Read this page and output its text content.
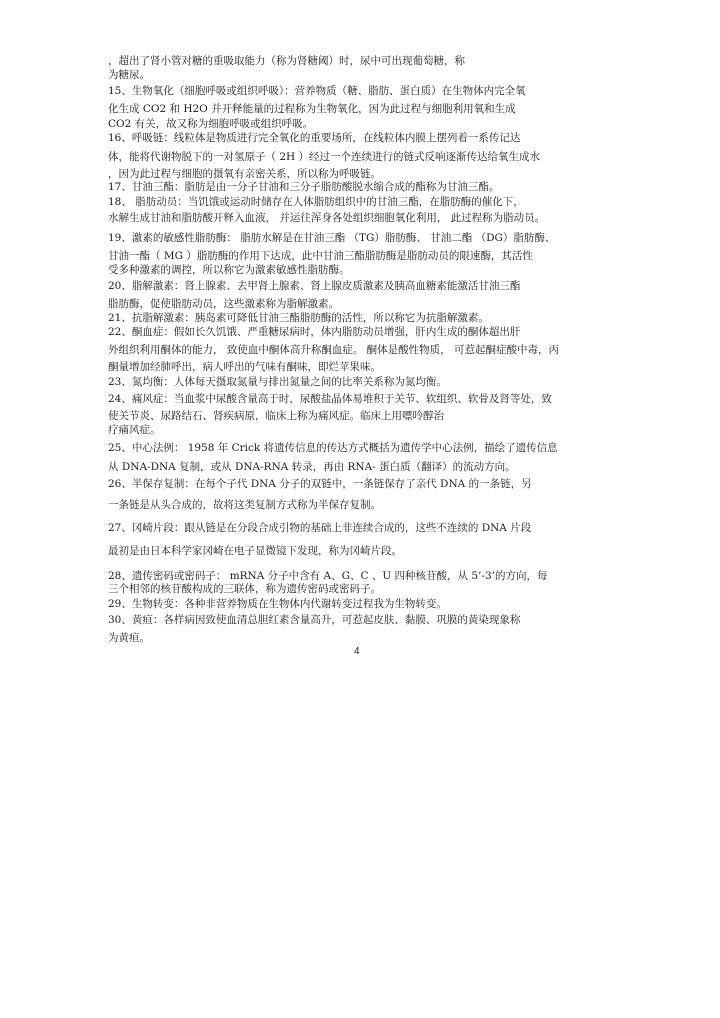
，超出了肾小管对糖的重吸取能力（称为肾糖阈）时，尿中可出现葡萄糖，称
为糖尿。
15、生物氧化（细胞呼吸或组织呼吸）：营养物质（糖、脂肪、蛋白质）在生物体内完全氧
化生成 CO2 和 H2O 并开释能量的过程称为生物氧化，因为此过程与细胞利用氧和生成
CO2 有关，故又称为细胞呼吸或组织呼吸。
16、呼吸链：线粒体是物质进行完全氧化的重要场所，在线粒体内膜上摆列着一系传记达
体，能将代谢物脱下的一对氢原子（ 2H ）经过一个连续进行的链式反响逐渐传达给氧生成水
，因为此过程与细胞的摄氧有亲密关系，所以称为呼吸链。
17、甘油三酯：脂肪是由一分子甘油和三分子脂肪酸脱水缩合成的酯称为甘油三酯。
18、 脂肪动员：当饥饿或运动时储存在人体脂肪组织中的甘油三酯，在脂肪酶的催化下，
水解生成甘油和脂肪酸开释入血液， 并运往浑身各处组织细胞氧化利用， 此过程称为脂动员。
19、激素的敏感性脂肪酶： 脂肪水解是在甘油三酯 （TG）脂肪酶、 甘油二酯 （DG）脂肪酶、
甘油一酯（ MG ）脂肪酶的作用下达成，此中甘油三酯脂肪酶是脂肪动员的限速酶，其活性
受多种激素的调控，所以称它为激素敏感性脂肪酶。
20、脂解激素：肾上腺素、去甲肾上腺素、肾上腺皮质激素及胰高血糖素能激活甘油三酯
脂肪酶，促使脂肪动员，这些激素称为脂解激素。
21、抗脂解激素：胰岛素可降低甘油三酯脂肪酶的活性，所以称它为抗脂解激素。
22、酮血症：假如长久饥饿、严重糖尿病时，体内脂肪动员增强，肝内生成的酮体超出肝
外组织利用酮体的能力， 致使血中酮体高升称酮血症。 酮体是酸性物质， 可惹起酮症酸中毒，丙
酮量增加经肺呼出，病人呼出的气味有酮味，即烂苹果味。
23、氮均衡：人体每天摄取氮量与排出氮量之间的比率关系称为氮均衡。
24、痛风症：当血浆中尿酸含量高于时，尿酸盐晶体易堆积于关节、软组织、软骨及肾等处，致
使关节炎、尿路结石、肾疾病原，临床上称为痛风症。临床上用嘌呤醇治
疗痛风症。
25、中心法例： 1958 年 Crick 将遗传信息的传达方式概括为遗传学中心法例，描绘了遗传信息
从 DNA-DNA 复制，或从 DNA-RNA 转录，再由 RNA- 蛋白质（翻译）的流动方向。
26、半保存复制：在每个子代 DNA 分子的双链中，一条链保存了亲代 DNA 的一条链，另
一条链是从头合成的，故将这类复制方式称为半保存复制。
27、冈崎片段：跟从链是在分段合成引物的基础上非连续合成的，这些不连续的 DNA 片段
最初是由日本科学家冈崎在电子显微镜下发现，称为冈崎片段。
28、遗传密码或密码子： mRNA 分子中含有 A、G、C 、U 四种核苷酸，从 5’-3’的方向，每
三个相邻的核苷酸构成的三联体，称为遗传密码或密码子。
29、生物转变：各种非营养物质在生物体内代谢转变过程我为生物转变。
30、黄疸：各样病因致使血清总胆红素含量高升，可惹起皮肤、黏膜、巩膜的黄染现象称
为黄疸。
4
